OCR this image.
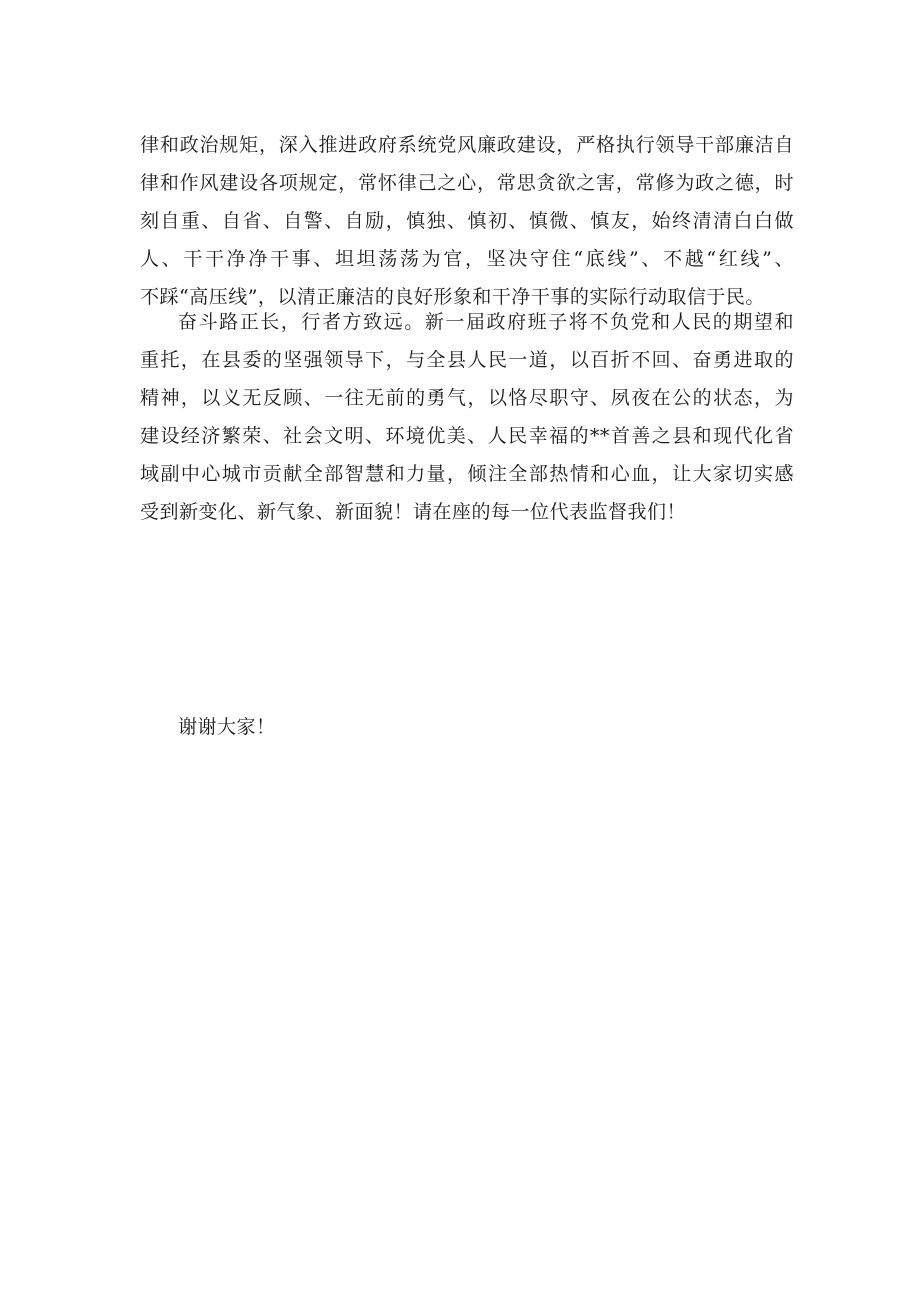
律和政治规矩，深入推进政府系统党风廉政建设，严格执行领导干部廉洁自
律和作风建设各项规定，常怀律己之心，常思贪欲之害，常修为政之德，时
刻自重、自省、自警、自励，慎独、慎初、慎微、慎友，始终清清白白做
人、干干净净干事、坦坦荡荡为官，坚决守住“底线”、不越“红线”、
不踩“高压线”，以清正廉洁的良好形象和干净干事的实际行动取信于民。
奋斗路正长，行者方致远。新一届政府班子将不负党和人民的期望和
重托，在县委的坚强领导下，与全县人民一道，以百折不回、奋勇进取的
精神，以义无反顾、一往无前的勇气，以恪尽职守、夙夜在公的状态，为
建设经济繁荣、社会文明、环境优美、人民幸福的**首善之县和现代化省
域副中心城市贡献全部智慧和力量，倾注全部热情和心血，让大家切实感
受到新变化、新气象、新面貌！请在座的每一位代表监督我们！
谢谢大家！
